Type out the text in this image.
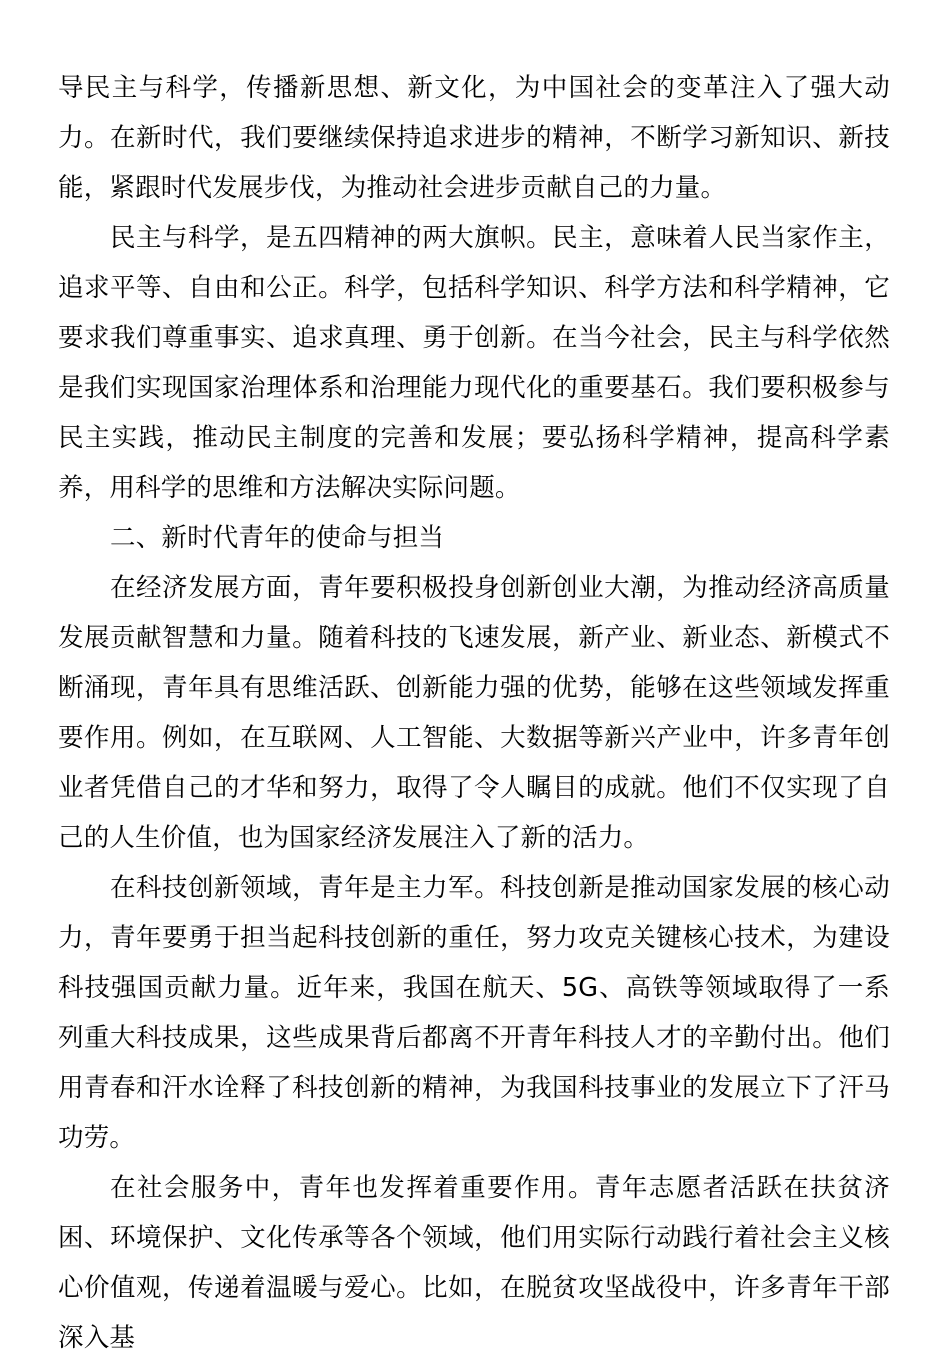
导民主与科学，传播新思想、新文化，为中国社会的变革注入了强大动力。在新时代，我们要继续保持追求进步的精神，不断学习新知识、新技能，紧跟时代发展步伐，为推动社会进步贡献自己的力量。

民主与科学，是五四精神的两大旗帜。民主，意味着人民当家作主，追求平等、自由和公正。科学，包括科学知识、科学方法和科学精神，它要求我们尊重事实、追求真理、勇于创新。在当今社会，民主与科学依然是我们实现国家治理体系和治理能力现代化的重要基石。我们要积极参与民主实践，推动民主制度的完善和发展；要弘扬科学精神，提高科学素养，用科学的思维和方法解决实际问题。

二、新时代青年的使命与担当

在经济发展方面，青年要积极投身创新创业大潮，为推动经济高质量发展贡献智慧和力量。随着科技的飞速发展，新产业、新业态、新模式不断涌现，青年具有思维活跃、创新能力强的优势，能够在这些领域发挥重要作用。例如，在互联网、人工智能、大数据等新兴产业中，许多青年创业者凭借自己的才华和努力，取得了令人瞩目的成就。他们不仅实现了自己的人生价值，也为国家经济发展注入了新的活力。

在科技创新领域，青年是主力军。科技创新是推动国家发展的核心动力，青年要勇于担当起科技创新的重任，努力攻克关键核心技术，为建设科技强国贡献力量。近年来，我国在航天、5G、高铁等领域取得了一系列重大科技成果，这些成果背后都离不开青年科技人才的辛勤付出。他们用青春和汗水诠释了科技创新的精神，为我国科技事业的发展立下了汗马功劳。

在社会服务中，青年也发挥着重要作用。青年志愿者活跃在扶贫济困、环境保护、文化传承等各个领域，他们用实际行动践行着社会主义核心价值观，传递着温暖与爱心。比如，在脱贫攻坚战役中，许多青年干部深入基
